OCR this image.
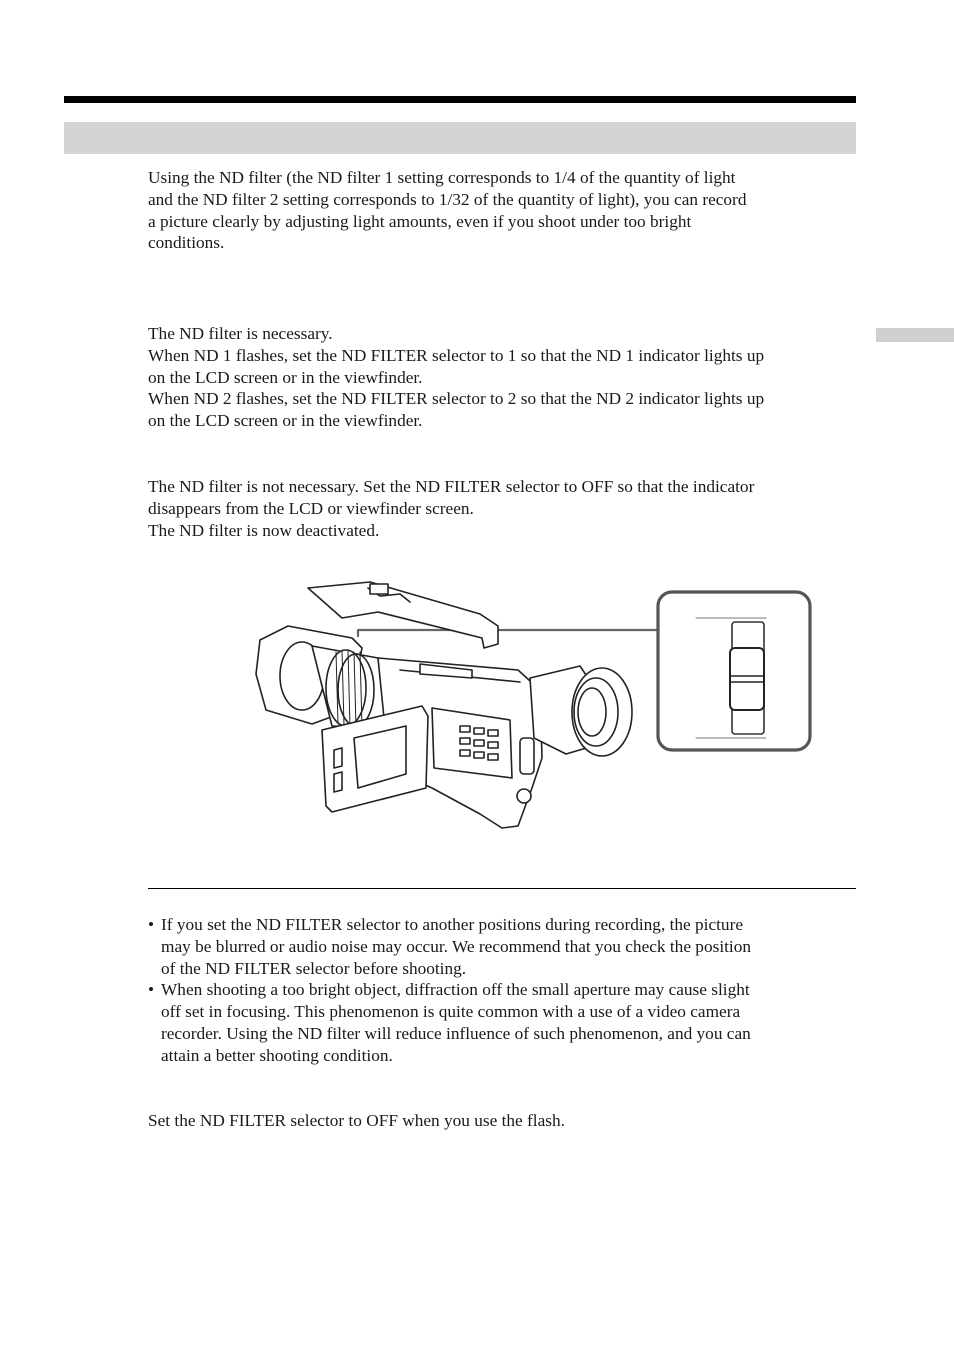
Using the ND filter (the ND filter 1 setting corresponds to 1/4 of the quantity of light
and the ND filter 2 setting corresponds to 1/32 of the quantity of light), you can record
a picture clearly by adjusting light amounts, even if you shoot under too bright
conditions.

The ND filter is necessary.
When ND 1 flashes, set the ND FILTER selector to 1 so that the ND 1 indicator lights up
on the LCD screen or in the viewfinder.
When ND 2 flashes, set the ND FILTER selector to 2 so that the ND 2 indicator lights up
on the LCD screen or in the viewfinder.

The ND filter is not necessary. Set the ND FILTER selector to OFF so that the indicator
disappears from the LCD or viewfinder screen.
The ND filter is now deactivated.

• If you set the ND FILTER selector to another positions during recording, the picture
may be blurred or audio noise may occur. We recommend that you check the position
of the ND FILTER selector before shooting.
• When shooting a too bright object, diffraction off the small aperture may cause slight
off set in focusing. This phenomenon is quite common with a use of a video camera
recorder. Using the ND filter will reduce influence of such phenomenon, and you can
attain a better shooting condition.

Set the ND FILTER selector to OFF when you use the flash.
